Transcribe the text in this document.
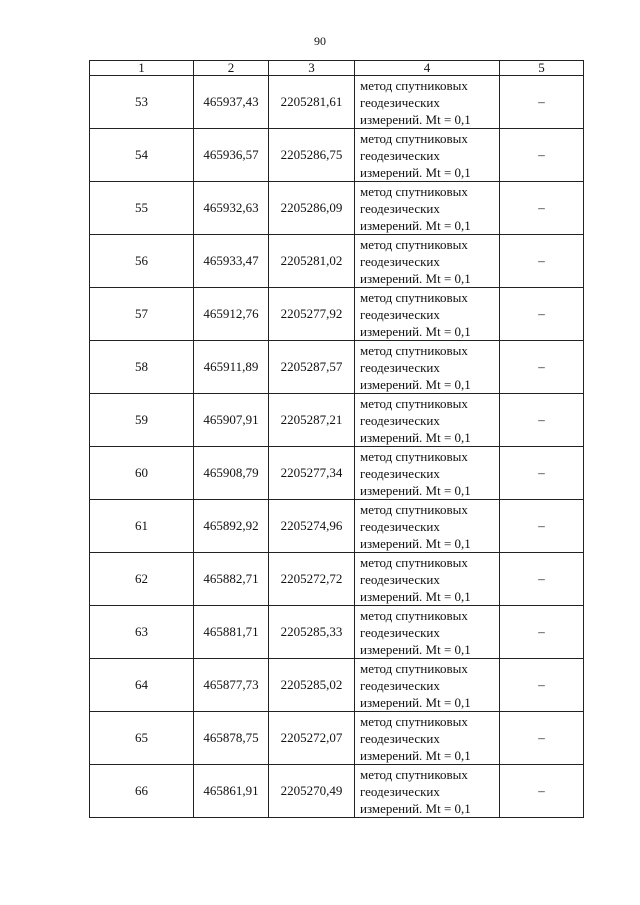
90
1	2	3	4	5
53	465937,43	2205281,61	метод спутниковых
геодезических
измерений. Mt = 0,1	–
54	465936,57	2205286,75	метод спутниковых
геодезических
измерений. Mt = 0,1	–
55	465932,63	2205286,09	метод спутниковых
геодезических
измерений. Mt = 0,1	–
56	465933,47	2205281,02	метод спутниковых
геодезических
измерений. Mt = 0,1	–
57	465912,76	2205277,92	метод спутниковых
геодезических
измерений. Mt = 0,1	–
58	465911,89	2205287,57	метод спутниковых
геодезических
измерений. Mt = 0,1	–
59	465907,91	2205287,21	метод спутниковых
геодезических
измерений. Mt = 0,1	–
60	465908,79	2205277,34	метод спутниковых
геодезических
измерений. Mt = 0,1	–
61	465892,92	2205274,96	метод спутниковых
геодезических
измерений. Mt = 0,1	–
62	465882,71	2205272,72	метод спутниковых
геодезических
измерений. Mt = 0,1	–
63	465881,71	2205285,33	метод спутниковых
геодезических
измерений. Mt = 0,1	–
64	465877,73	2205285,02	метод спутниковых
геодезических
измерений. Mt = 0,1	–
65	465878,75	2205272,07	метод спутниковых
геодезических
измерений. Mt = 0,1	–
66	465861,91	2205270,49	метод спутниковых
геодезических
измерений. Mt = 0,1	–
